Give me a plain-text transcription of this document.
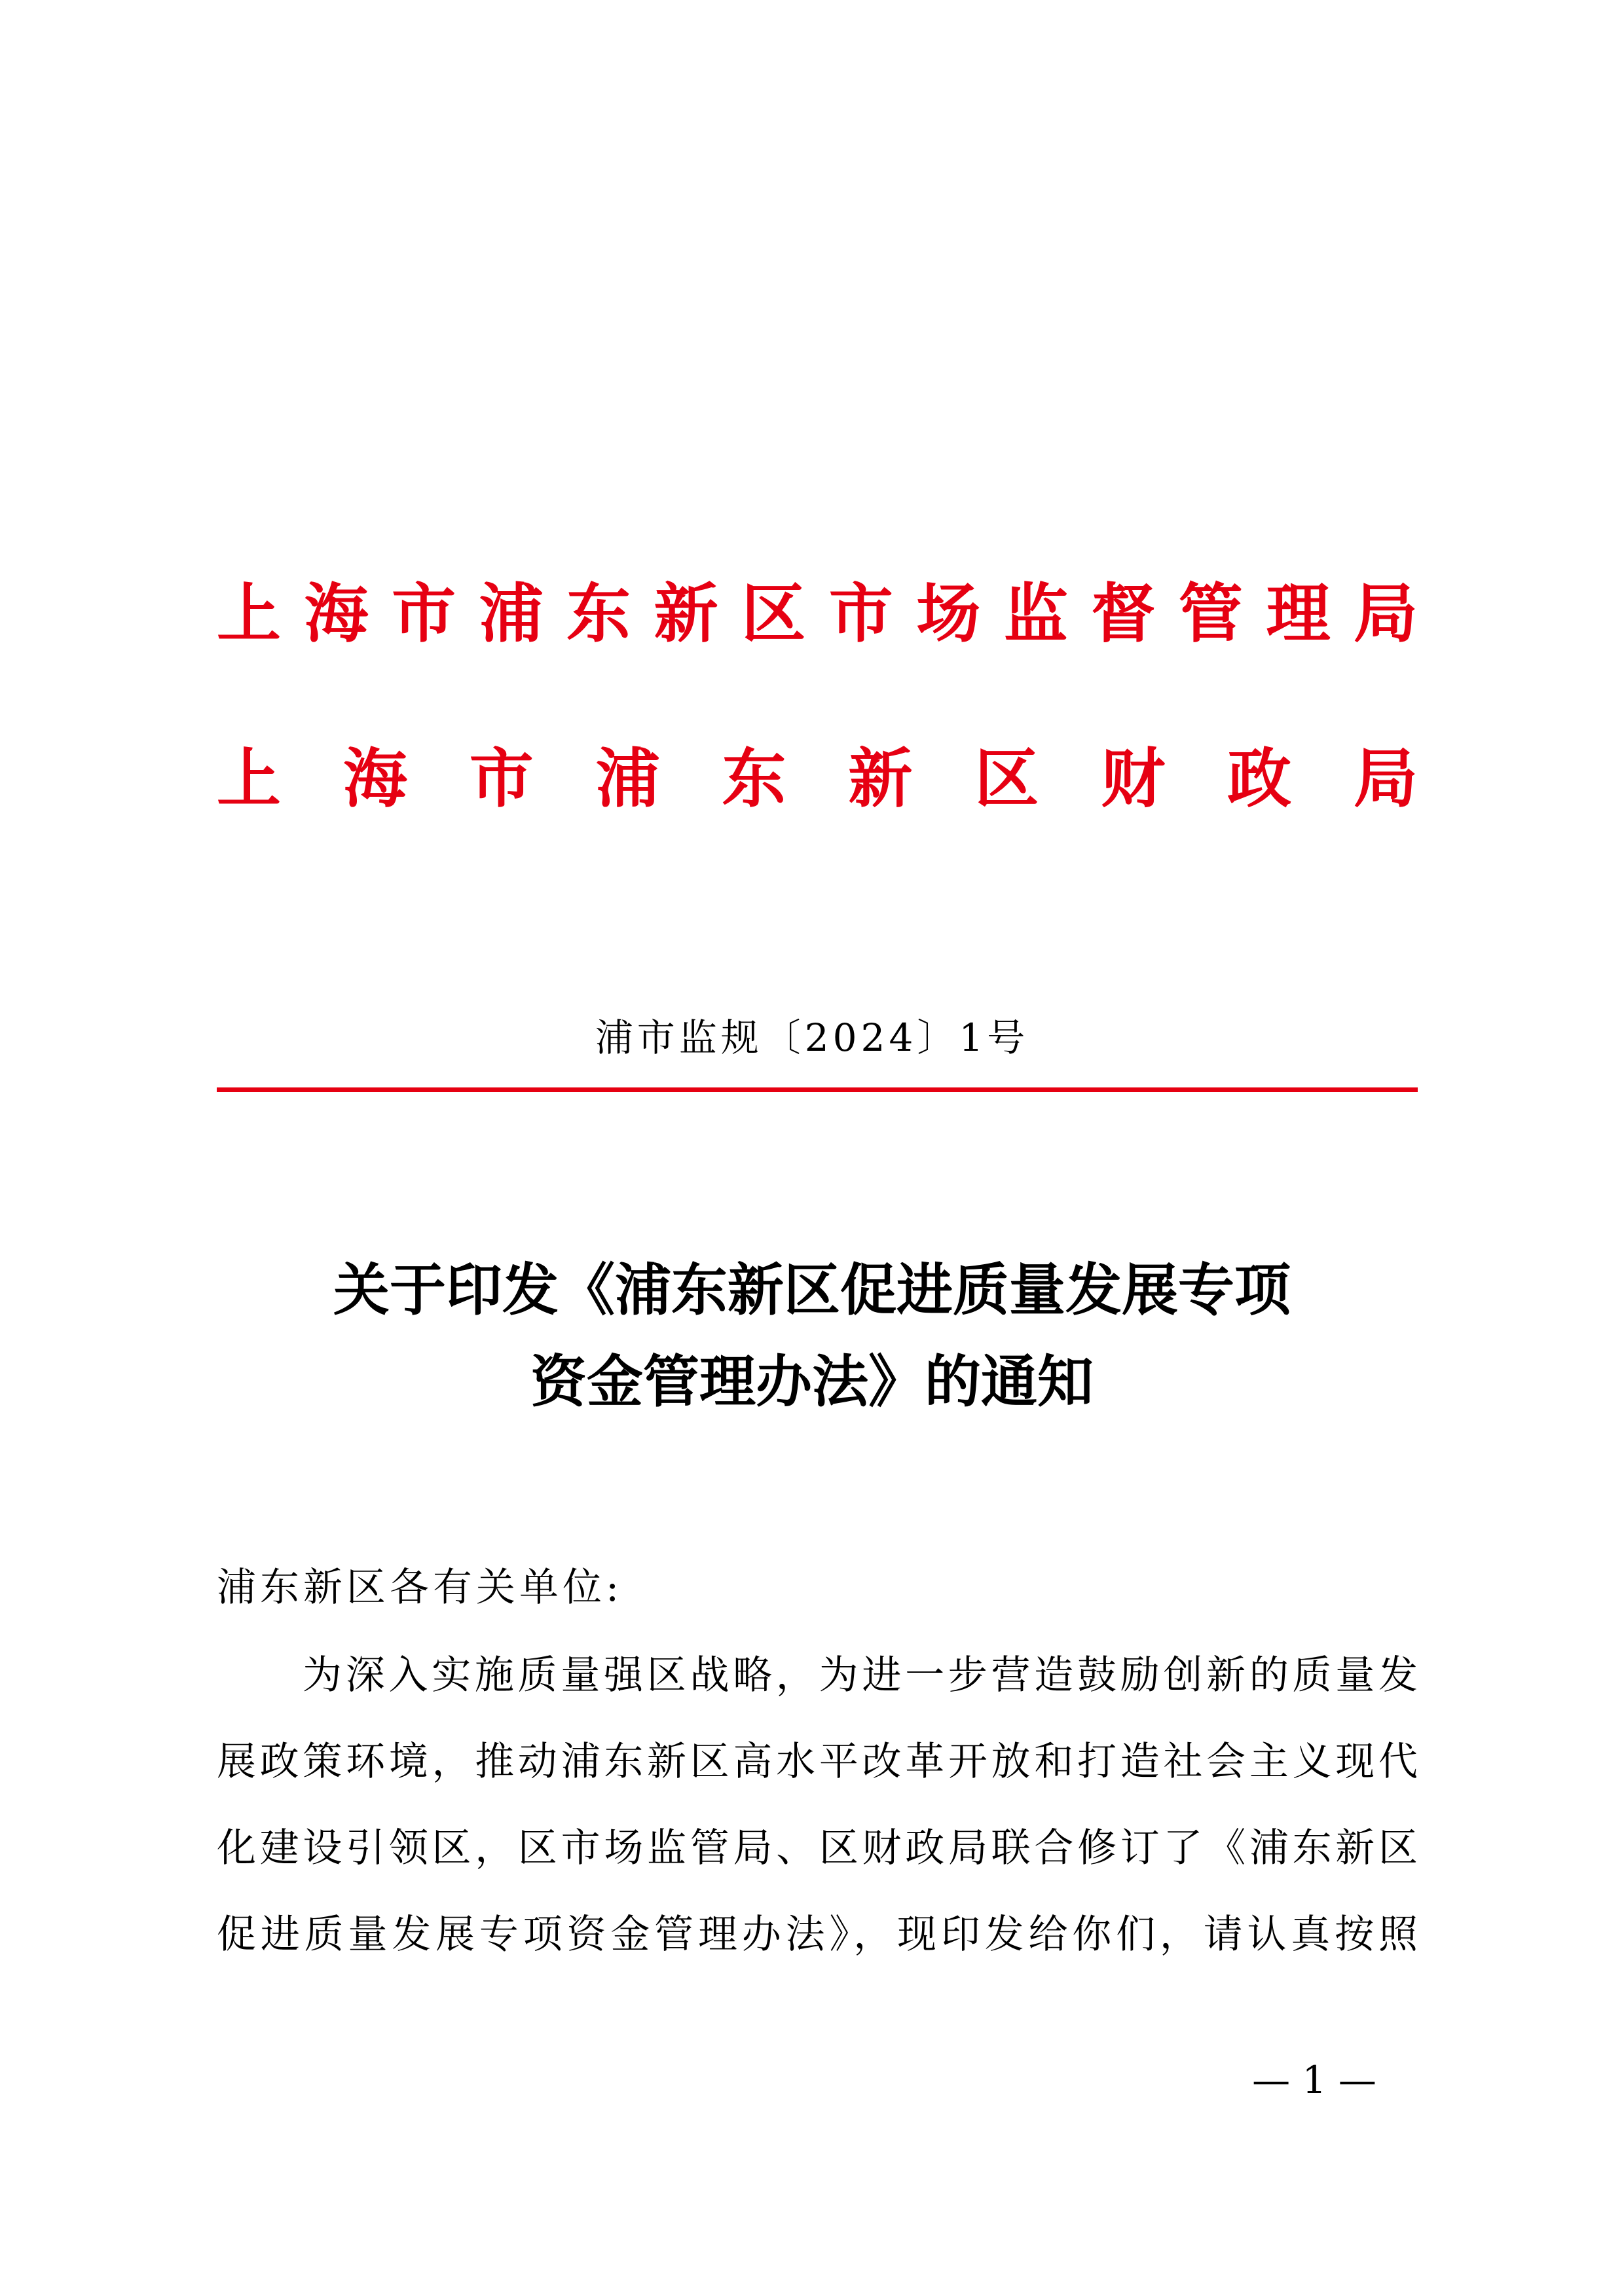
上海市浦东新区市场监督管理局
上海市浦东新区财政局
浦市监规〔2024〕1号
关于印发《浦东新区促进质量发展专项
资金管理办法》的通知
浦东新区各有关单位:
为深入实施质量强区战略，为进一步营造鼓励创新的质量发
展政策环境，推动浦东新区高水平改革开放和打造社会主义现代
化建设引领区，区市场监管局、区财政局联合修订了《浦东新区
促进质量发展专项资金管理办法》，现印发给你们，请认真按照
— 1 —
